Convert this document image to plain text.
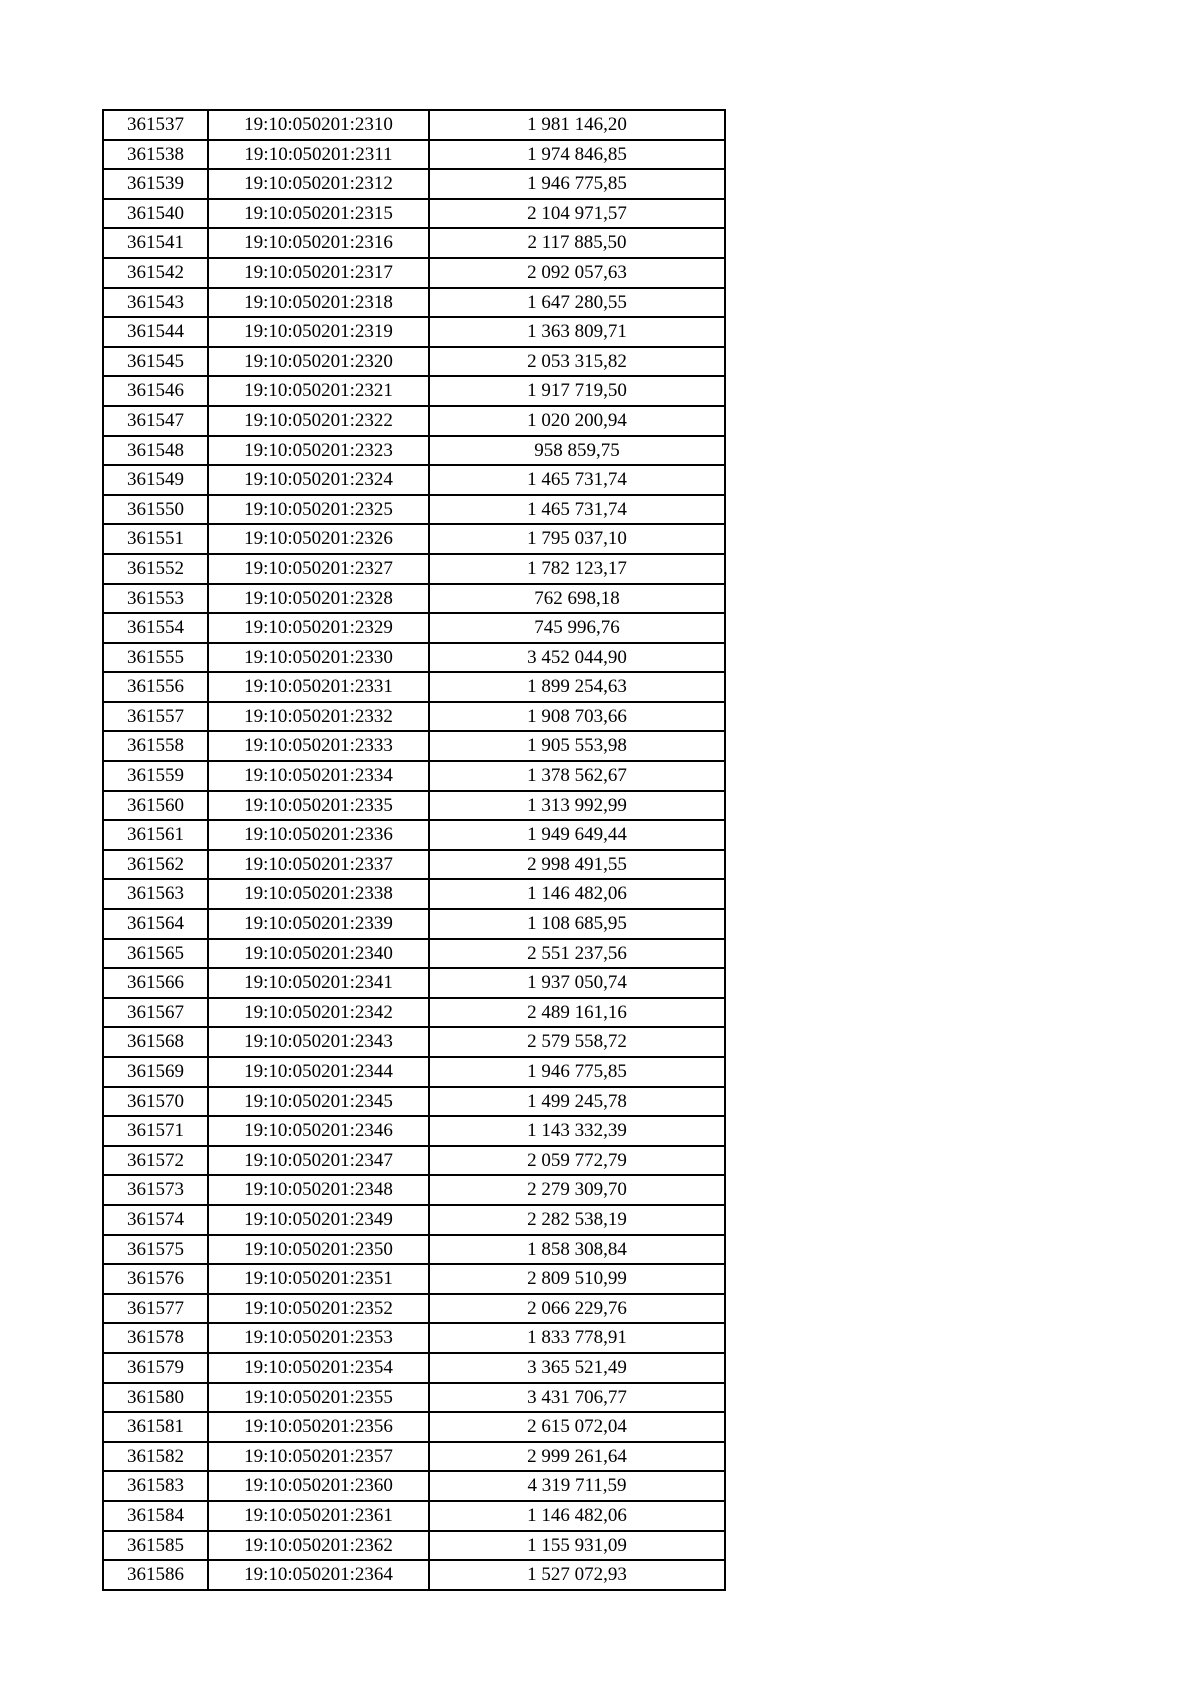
361537	19:10:050201:2310	1 981 146,20
361538	19:10:050201:2311	1 974 846,85
361539	19:10:050201:2312	1 946 775,85
361540	19:10:050201:2315	2 104 971,57
361541	19:10:050201:2316	2 117 885,50
361542	19:10:050201:2317	2 092 057,63
361543	19:10:050201:2318	1 647 280,55
361544	19:10:050201:2319	1 363 809,71
361545	19:10:050201:2320	2 053 315,82
361546	19:10:050201:2321	1 917 719,50
361547	19:10:050201:2322	1 020 200,94
361548	19:10:050201:2323	958 859,75
361549	19:10:050201:2324	1 465 731,74
361550	19:10:050201:2325	1 465 731,74
361551	19:10:050201:2326	1 795 037,10
361552	19:10:050201:2327	1 782 123,17
361553	19:10:050201:2328	762 698,18
361554	19:10:050201:2329	745 996,76
361555	19:10:050201:2330	3 452 044,90
361556	19:10:050201:2331	1 899 254,63
361557	19:10:050201:2332	1 908 703,66
361558	19:10:050201:2333	1 905 553,98
361559	19:10:050201:2334	1 378 562,67
361560	19:10:050201:2335	1 313 992,99
361561	19:10:050201:2336	1 949 649,44
361562	19:10:050201:2337	2 998 491,55
361563	19:10:050201:2338	1 146 482,06
361564	19:10:050201:2339	1 108 685,95
361565	19:10:050201:2340	2 551 237,56
361566	19:10:050201:2341	1 937 050,74
361567	19:10:050201:2342	2 489 161,16
361568	19:10:050201:2343	2 579 558,72
361569	19:10:050201:2344	1 946 775,85
361570	19:10:050201:2345	1 499 245,78
361571	19:10:050201:2346	1 143 332,39
361572	19:10:050201:2347	2 059 772,79
361573	19:10:050201:2348	2 279 309,70
361574	19:10:050201:2349	2 282 538,19
361575	19:10:050201:2350	1 858 308,84
361576	19:10:050201:2351	2 809 510,99
361577	19:10:050201:2352	2 066 229,76
361578	19:10:050201:2353	1 833 778,91
361579	19:10:050201:2354	3 365 521,49
361580	19:10:050201:2355	3 431 706,77
361581	19:10:050201:2356	2 615 072,04
361582	19:10:050201:2357	2 999 261,64
361583	19:10:050201:2360	4 319 711,59
361584	19:10:050201:2361	1 146 482,06
361585	19:10:050201:2362	1 155 931,09
361586	19:10:050201:2364	1 527 072,93
